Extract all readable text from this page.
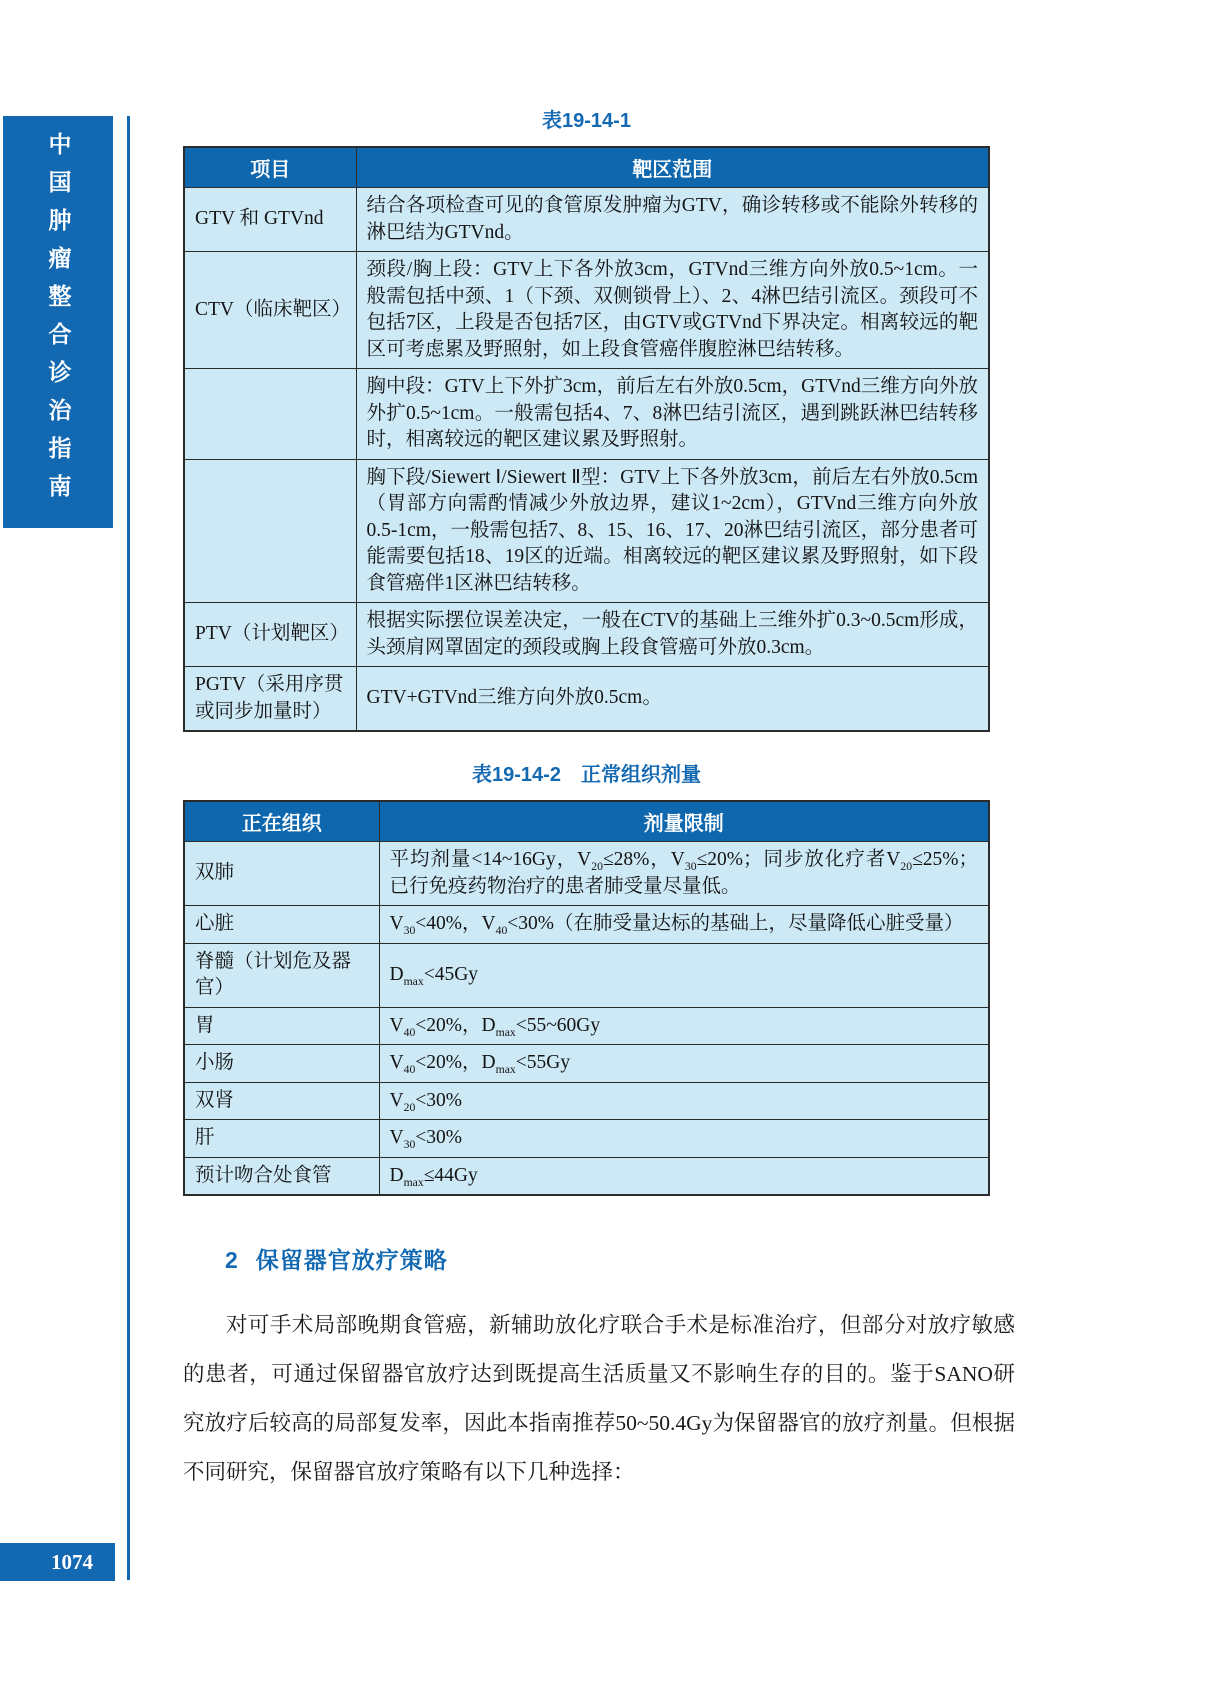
中国肿瘤整合诊治指南
1074
表19-14-1
项目	靶区范围
GTV 和 GTVnd	结合各项检查可见的食管原发肿瘤为GTV，确诊转移或不能除外转移的淋巴结为GTVnd。
CTV（临床靶区）	颈段/胸上段：GTV上下各外放3cm，GTVnd三维方向外放0.5~1cm。一般需包括中颈、1（下颈、双侧锁骨上）、2、4淋巴结引流区。颈段可不包括7区，上段是否包括7区，由GTV或GTVnd下界决定。相离较远的靶区可考虑累及野照射，如上段食管癌伴腹腔淋巴结转移。
	胸中段：GTV上下外扩3cm，前后左右外放0.5cm，GTVnd三维方向外放外扩0.5~1cm。一般需包括4、7、8淋巴结引流区，遇到跳跃淋巴结转移时，相离较远的靶区建议累及野照射。
	胸下段/Siewert Ⅰ/Siewert Ⅱ型：GTV上下各外放3cm，前后左右外放0.5cm（胃部方向需酌情减少外放边界，建议1~2cm），GTVnd三维方向外放0.5-1cm，一般需包括7、8、15、16、17、20淋巴结引流区，部分患者可能需要包括18、19区的近端。相离较远的靶区建议累及野照射，如下段食管癌伴1区淋巴结转移。
PTV（计划靶区）	根据实际摆位误差决定，一般在CTV的基础上三维外扩0.3~0.5cm形成，头颈肩网罩固定的颈段或胸上段食管癌可外放0.3cm。
PGTV（采用序贯或同步加量时）	GTV+GTVnd三维方向外放0.5cm。
表19-14-2　正常组织剂量
正在组织	剂量限制
双肺	平均剂量<14~16Gy，$V_{20}\le 28\%$，$V_{30}\le 20\%$；同步放化疗者$V_{20}\le 25\%$；已行免疫药物治疗的患者肺受量尽量低。
心脏	$V_{30}<40\%$，$V_{40}<30\%$（在肺受量达标的基础上，尽量降低心脏受量）
脊髓（计划危及器官）	$D_{max}<45Gy$
胃	$V_{40}<20\%$，$D_{max}<55\sim 60Gy$
小肠	$V_{40}<20\%$，$D_{max}<55Gy$
双肾	$V_{20}<30\%$
肝	$V_{30}<30\%$
预计吻合处食管	$D_{max}\le 44Gy$
2 保留器官放疗策略
对可手术局部晚期食管癌，新辅助放化疗联合手术是标准治疗，但部分对放疗敏感的患者，可通过保留器官放疗达到既提高生活质量又不影响生存的目的。鉴于SANO研究放疗后较高的局部复发率，因此本指南推荐50~50.4Gy为保留器官的放疗剂量。但根据不同研究，保留器官放疗策略有以下几种选择：
